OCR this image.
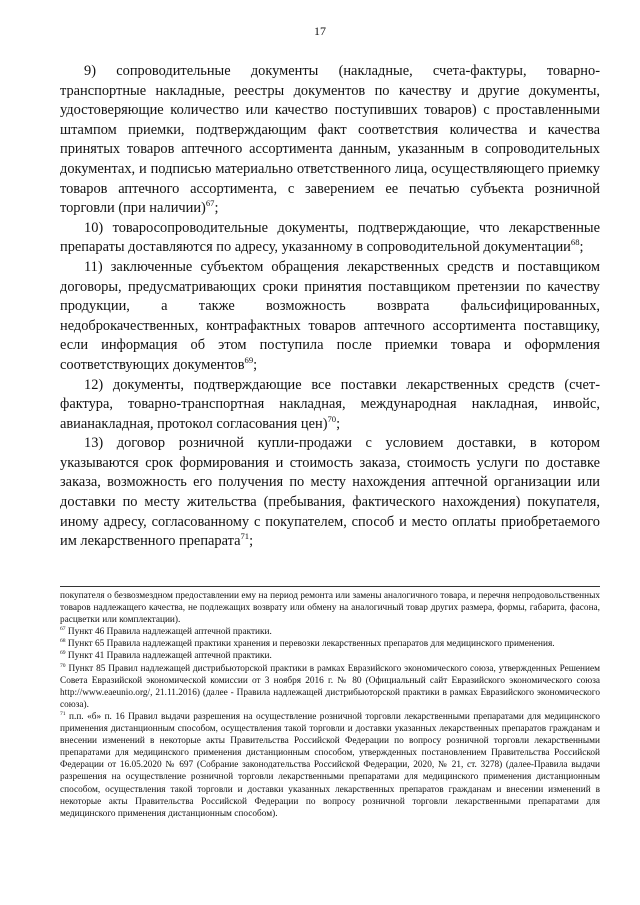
17

9) сопроводительные документы (накладные, счета-фактуры, товарно-транспортные накладные, реестры документов по качеству и другие документы, удостоверяющие количество или качество поступивших товаров) с проставленными штампом приемки, подтверждающим факт соответствия количества и качества принятых товаров аптечного ассортимента данным, указанным в сопроводительных документах, и подписью материально ответственного лица, осуществляющего приемку товаров аптечного ассортимента, с заверением ее печатью субъекта розничной торговли (при наличии)$^{67}$;

10) товаросопроводительные документы, подтверждающие, что лекарственные препараты доставляются по адресу, указанному в сопроводительной документации$^{68}$;

11) заключенные субъектом обращения лекарственных средств и поставщиком договоры, предусматривающих сроки принятия поставщиком претензии по качеству продукции, а также возможность возврата фальсифицированных, недоброкачественных, контрафактных товаров аптечного ассортимента поставщику, если информация об этом поступила после приемки товара и оформления соответствующих документов$^{69}$;

12) документы, подтверждающие все поставки лекарственных средств (счет-фактура, товарно-транспортная накладная, международная накладная, инвойс, авианакладная, протокол согласования цен)$^{70}$;

13) договор розничной купли-продажи с условием доставки, в котором указываются срок формирования и стоимость заказа, стоимость услуги по доставке заказа, возможность его получения по месту нахождения аптечной организации или доставки по месту жительства (пребывания, фактического нахождения) покупателя, иному адресу, согласованному с покупателем, способ и место оплаты приобретаемого им лекарственного препарата$^{71}$;

покупателя о безвозмездном предоставлении ему на период ремонта или замены аналогичного товара, и перечня непродовольственных товаров надлежащего качества, не подлежащих возврату или обмену на аналогичный товар других размера, формы, габарита, фасона, расцветки или комплектации).

$^{67}$ Пункт 46 Правила надлежащей аптечной практики.

$^{68}$ Пункт 65 Правила надлежащей практики хранения и перевозки лекарственных препаратов для медицинского применения.

$^{69}$ Пункт 41 Правила надлежащей аптечной практики.

$^{70}$ Пункт 85 Правил надлежащей дистрибьюторской практики в рамках Евразийского экономического союза, утвержденных Решением Совета Евразийской экономической комиссии от 3 ноября 2016 г. № 80 (Официальный сайт Евразийского экономического союза http://www.eaeunio.org/, 21.11.2016) (далее - Правила надлежащей дистрибьюторской практики в рамках Евразийского экономического союза).

$^{71}$ п.п. «б» п. 16 Правил выдачи разрешения на осуществление розничной торговли лекарственными препаратами для медицинского применения дистанционным способом, осуществления такой торговли и доставки указанных лекарственных препаратов гражданам и внесении изменений в некоторые акты Правительства Российской Федерации по вопросу розничной торговли лекарственными препаратами для медицинского применения дистанционным способом, утвержденных постановлением Правительства Российской Федерации от 16.05.2020 № 697 (Собрание законодательства Российской Федерации, 2020, № 21, ст. 3278) (далее-Правила выдачи разрешения на осуществление розничной торговли лекарственными препаратами для медицинского применения дистанционным способом, осуществления такой торговли и доставки указанных лекарственных препаратов гражданам и внесении изменений в некоторые акты Правительства Российской Федерации по вопросу розничной торговли лекарственными препаратами для медицинского применения дистанционным способом).
